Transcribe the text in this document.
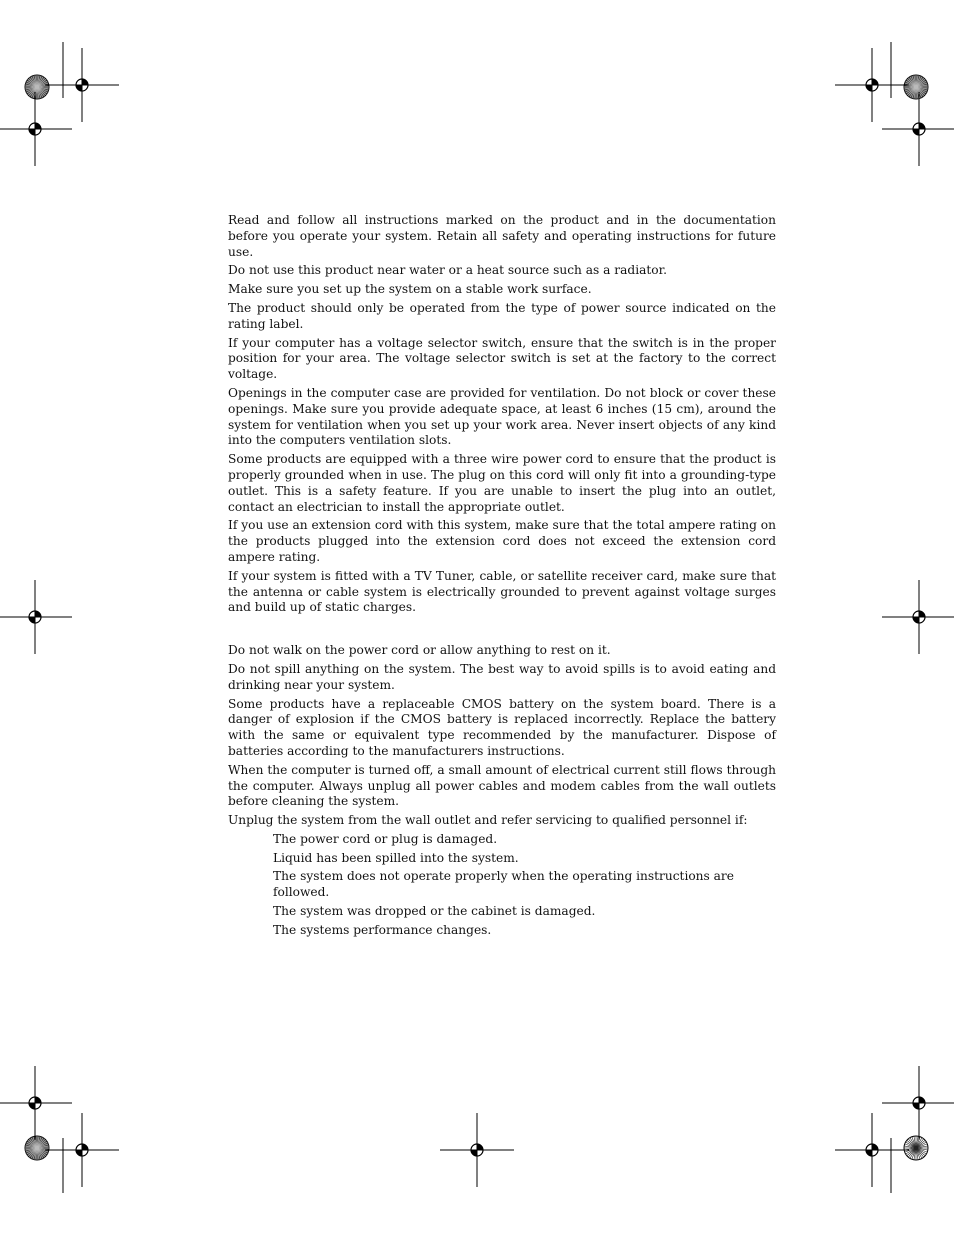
Read and follow all instructions marked on the product and in the documentation before you operate your system. Retain all safety and operating instructions for future use.

Do not use this product near water or a heat source such as a radiator.

Make sure you set up the system on a stable work surface.

The product should only be operated from the type of power source indicated on the rating label.

If your computer has a voltage selector switch, ensure that the switch is in the proper position for your area. The voltage selector switch is set at the factory to the correct voltage.

Openings in the computer case are provided for ventilation. Do not block or cover these openings. Make sure you provide adequate space, at least 6 inches (15 cm), around the system for ventilation when you set up your work area. Never insert objects of any kind into the computers ventilation slots.

Some products are equipped with a three wire power cord to ensure that the product is properly grounded when in use. The plug on this cord will only fit into a grounding-type outlet. This is a safety feature. If you are unable to insert the plug into an outlet, contact an electrician to install the appropriate outlet.

If you use an extension cord with this system, make sure that the total ampere rating on the products plugged into the extension cord does not exceed the extension cord ampere rating.

If your system is fitted with a TV Tuner, cable, or satellite receiver card, make sure that the antenna or cable system is electrically grounded to prevent against voltage surges and build up of static charges.

Do not walk on the power cord or allow anything to rest on it.

Do not spill anything on the system. The best way to avoid spills is to avoid eating and drinking near your system.

Some products have a replaceable CMOS battery on the system board. There is a danger of explosion if the CMOS battery is replaced incorrectly. Replace the battery with the same or equivalent type recommended by the manufacturer. Dispose of batteries according to the manufacturers instructions.

When the computer is turned off, a small amount of electrical current still flows through the computer. Always unplug all power cables and modem cables from the wall outlets before cleaning the system.

Unplug the system from the wall outlet and refer servicing to qualified personnel if:

The power cord or plug is damaged.
Liquid has been spilled into the system.
The system does not operate properly when the operating instructions are followed.
The system was dropped or the cabinet is damaged.
The systems performance changes.
